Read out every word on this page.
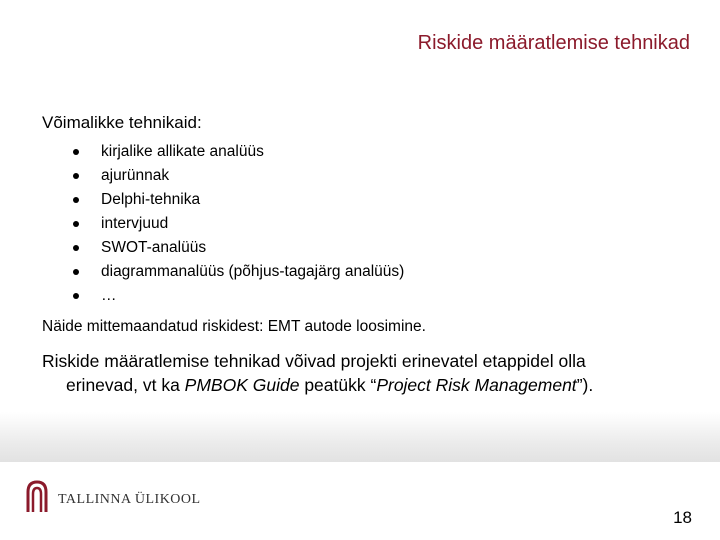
Riskide määratlemise tehnikad
Võimalikke tehnikaid:
kirjalike allikate analüüs
ajurünnak
Delphi-tehnika
intervjuud
SWOT-analüüs
diagrammanalüüs (põhjus-tagajärg analüüs)
…
Näide mittemaandatud riskidest: EMT autode loosimine.
Riskide määratlemise tehnikad võivad projekti erinevatel etappidel olla
erinevad, vt ka PMBOK Guide peatükk “Project Risk Management”).
TALLINNA ÜLIKOOL
18
